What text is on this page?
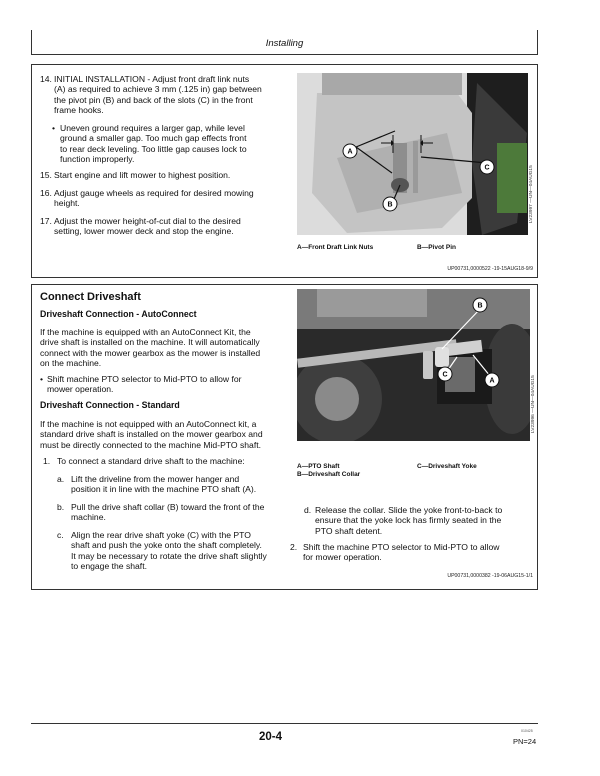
Installing
14. INITIAL INSTALLATION - Adjust front draft link nuts
(A) as required to achieve 3 mm (.125 in) gap between
the pivot pin (B) and back of the slots (C) in the front
frame hooks.
• Uneven ground requires a larger gap, while level
ground a smaller gap. Too much gap effects front
to rear deck leveling. Too little gap causes lock to
function improperly.
15. Start engine and lift mower to highest position.
16. Adjust gauge wheels as required for desired mowing
height.
17. Adjust the mower height-of-cut dial to the desired
setting, lower mower deck and stop the engine.
A
B
C	LV23997 —UN—04AUG15
A—Front Draft Link Nuts	B—Pivot Pin
UP00731,0000522 -19-15AUG18-9/9
Connect Driveshaft
Driveshaft Connection - AutoConnect
If the machine is equipped with an AutoConnect Kit, the
drive shaft is installed on the machine. It will automatically
connect with the mower gearbox as the mower is installed
on the machine.
• Shift machine PTO selector to Mid-PTO to allow for
mower operation.
Driveshaft Connection - Standard
If the machine is not equipped with an AutoConnect kit, a
standard drive shaft is installed on the mower gearbox and
must be directly connected to the machine Mid-PTO shaft.
1. To connect a standard drive shaft to the machine:
a. Lift the driveline from the mower hanger and
position it in line with the machine PTO shaft (A).
b. Pull the drive shaft collar (B) toward the front of the
machine.
c. Align the rear drive shaft yoke (C) with the PTO
shaft and push the yoke onto the shaft completely.
It may be necessary to rotate the drive shaft slightly
to engage the shaft.
B
C
A	LV23996 —UN—04AUG15
A—PTO Shaft
B—Driveshaft Collar
C—Driveshaft Yoke
d. Release the collar. Slide the yoke front-to-back to
ensure that the yoke lock has firmly seated in the
PTO shaft detent.
2. Shift the machine PTO selector to Mid-PTO to allow
for mower operation.
UP00731,0000382 -19-06AUG15-1/1
20-4	010425
PN=24
